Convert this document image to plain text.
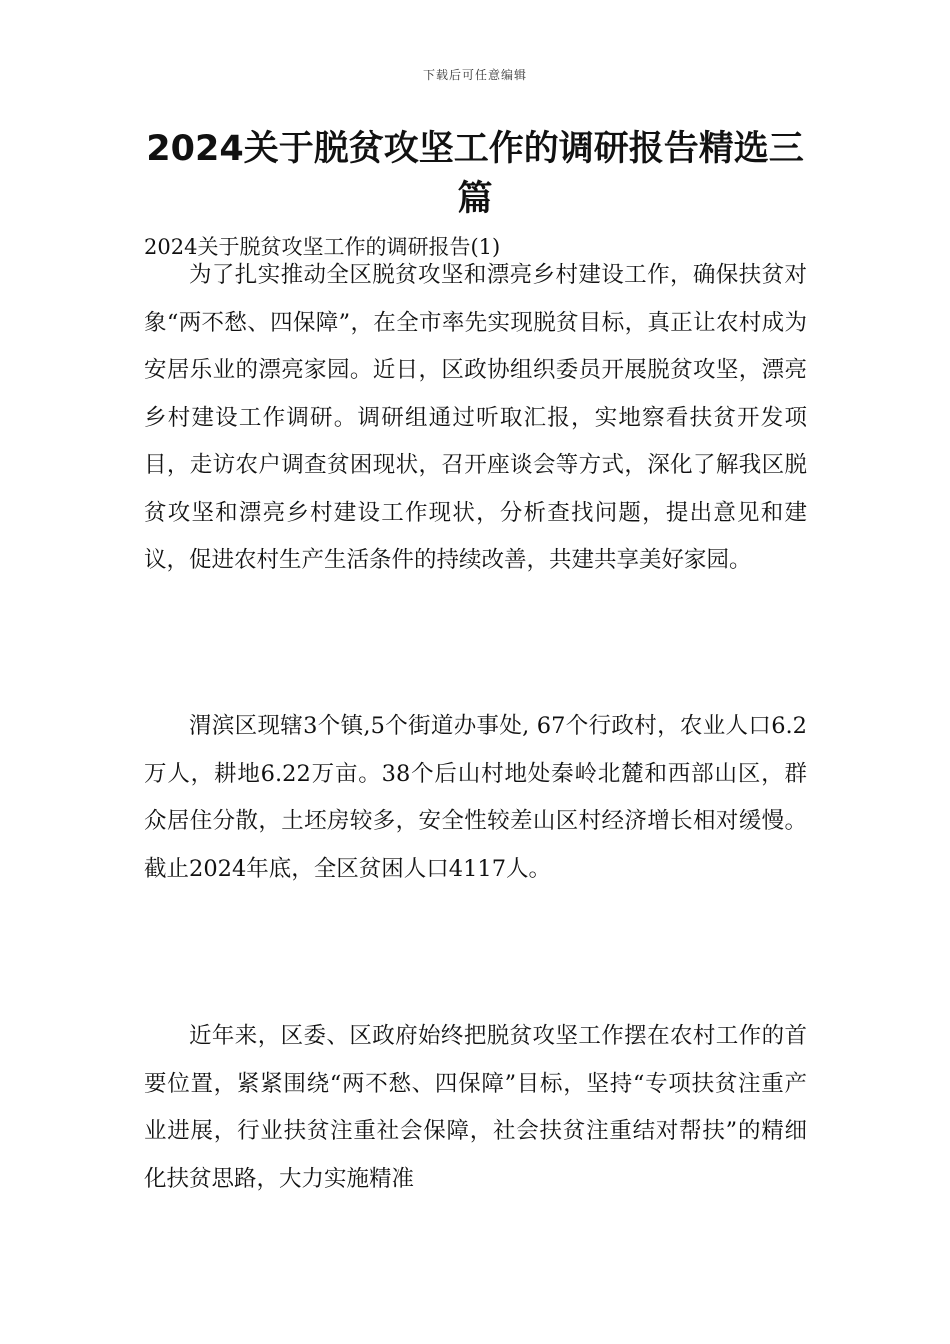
下载后可任意编辑
2024关于脱贫攻坚工作的调研报告精选三篇

2024关于脱贫攻坚工作的调研报告(1)

为了扎实推动全区脱贫攻坚和漂亮乡村建设工作，确保扶贫对象“两不愁、四保障”，在全市率先实现脱贫目标，真正让农村成为安居乐业的漂亮家园。近日，区政协组织委员开展脱贫攻坚，漂亮乡村建设工作调研。调研组通过听取汇报，实地察看扶贫开发项目，走访农户调查贫困现状，召开座谈会等方式，深化了解我区脱贫攻坚和漂亮乡村建设工作现状，分析查找问题，提出意见和建议，促进农村生产生活条件的持续改善，共建共享美好家园。

渭滨区现辖3个镇,5个街道办事处, 67个行政村，农业人口6.2万人，耕地6.22万亩。38个后山村地处秦岭北麓和西部山区，群众居住分散，土坯房较多，安全性较差山区村经济增长相对缓慢。截止2024年底，全区贫困人口4117人。

近年来，区委、区政府始终把脱贫攻坚工作摆在农村工作的首要位置，紧紧围绕“两不愁、四保障”目标，坚持“专项扶贫注重产业进展，行业扶贫注重社会保障，社会扶贫注重结对帮扶”的精细化扶贫思路，大力实施精准
